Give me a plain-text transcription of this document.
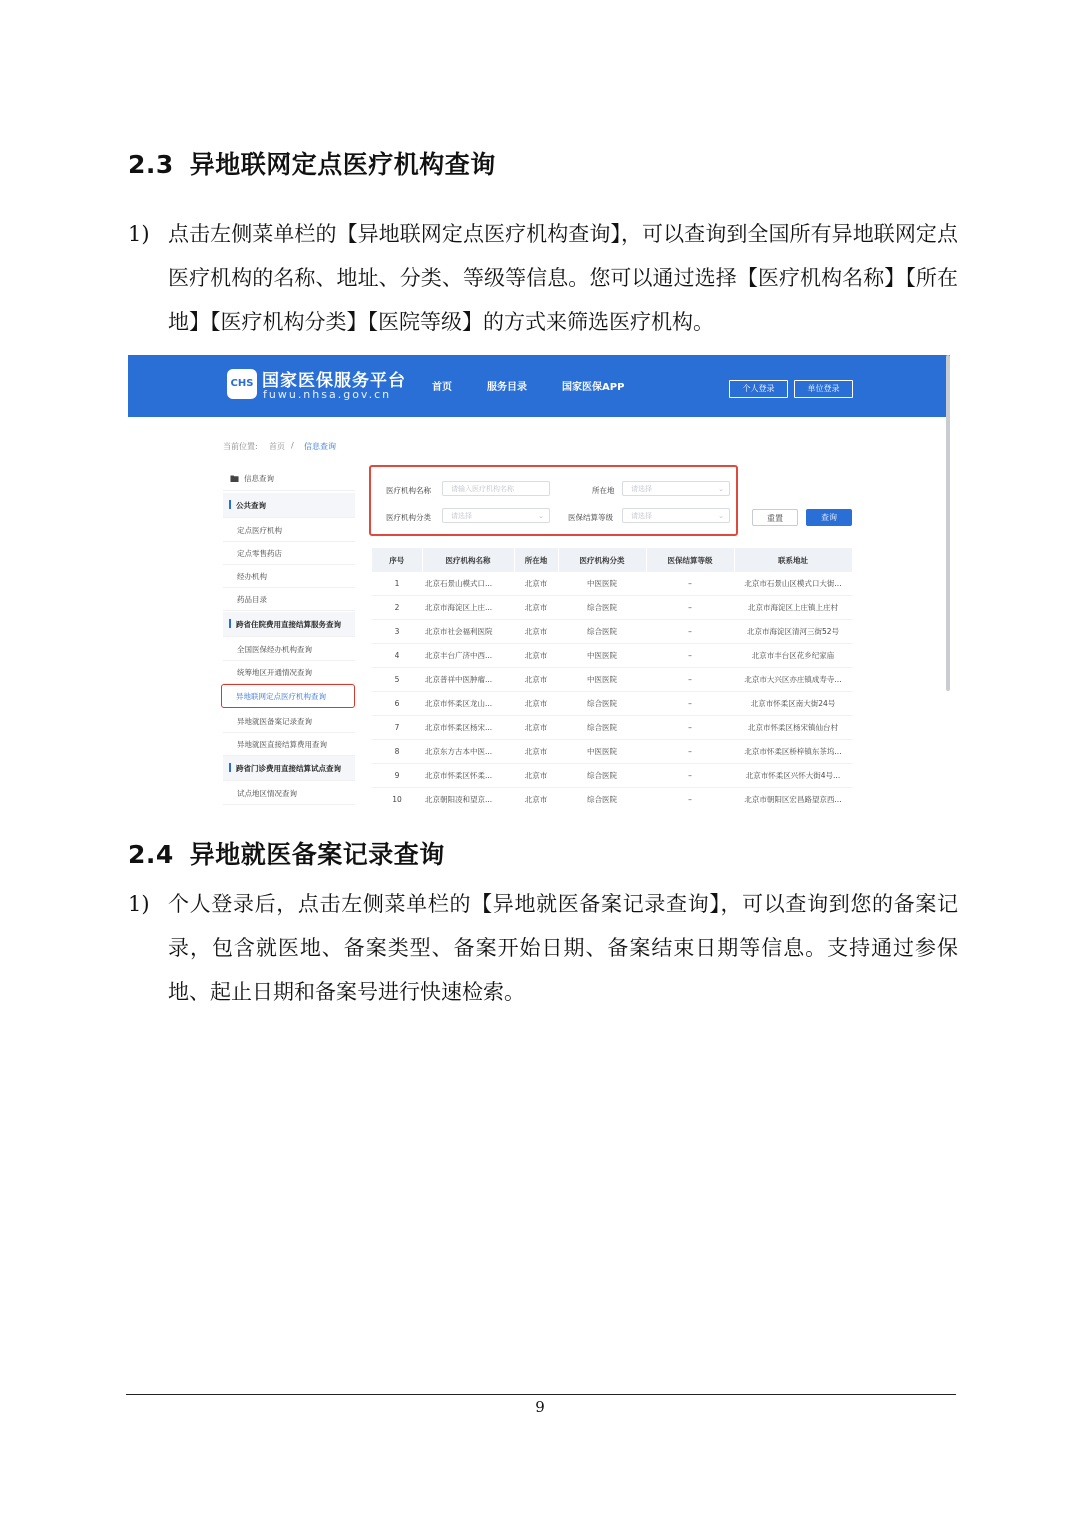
2.3 异地联网定点医疗机构查询
1) 点击左侧菜单栏的【异地联网定点医疗机构查询】，可以查询到全国所有异地联网定点医疗机构的名称、地址、分类、等级等信息。您可以通过选择【医疗机构名称】【所在地】【医疗机构分类】【医院等级】的方式来筛选医疗机构。
CHS 国家医保服务平台
fuwu.nhsa.gov.cn
首页	服务目录	国家医保APP	个人登录	单位登录
当前位置: 首页 / 信息查询
🖿 信息查询
公共查询
定点医疗机构
定点零售药店
经办机构
药品目录
跨省住院费用直接结算服务查询
全国医保经办机构查询
统筹地区开通情况查询
异地联网定点医疗机构查询
异地就医备案记录查询
异地就医直接结算费用查询
跨省门诊费用直接结算试点查询
试点地区情况查询
医疗机构名称	请输入医疗机构名称	所在地	请选择	⌄
医疗机构分类	请选择	⌄	医保结算等级	请选择	⌄	重置	查询
序号	医疗机构名称	所在地	医疗机构分类	医保结算等级	联系地址
1	北京石景山模式口...	北京市	中医医院	–	北京市石景山区模式口大街...
2	北京市海淀区上庄...	北京市	综合医院	–	北京市海淀区上庄镇上庄村
3	北京市社会福利医院	北京市	综合医院	–	北京市海淀区清河三街52号
4	北京丰台广济中西...	北京市	中医医院	–	北京市丰台区花乡纪家庙
5	北京普祥中医肿瘤...	北京市	中医医院	–	北京市大兴区亦庄镇成寿寺...
6	北京市怀柔区龙山...	北京市	综合医院	–	北京市怀柔区南大街24号
7	北京市怀柔区杨宋...	北京市	综合医院	–	北京市怀柔区杨宋镇仙台村
8	北京东方古本中医...	北京市	中医医院	–	北京市怀柔区桥梓镇东茶坞...
9	北京市怀柔区怀柔...	北京市	综合医院	–	北京市怀柔区兴怀大街4号...
10	北京朝阳凌和望京...	北京市	综合医院	–	北京市朝阳区宏昌路望京西...
2.4 异地就医备案记录查询
1) 个人登录后，点击左侧菜单栏的【异地就医备案记录查询】，可以查询到您的备案记录，包含就医地、备案类型、备案开始日期、备案结束日期等信息。支持通过参保地、起止日期和备案号进行快速检索。
9
